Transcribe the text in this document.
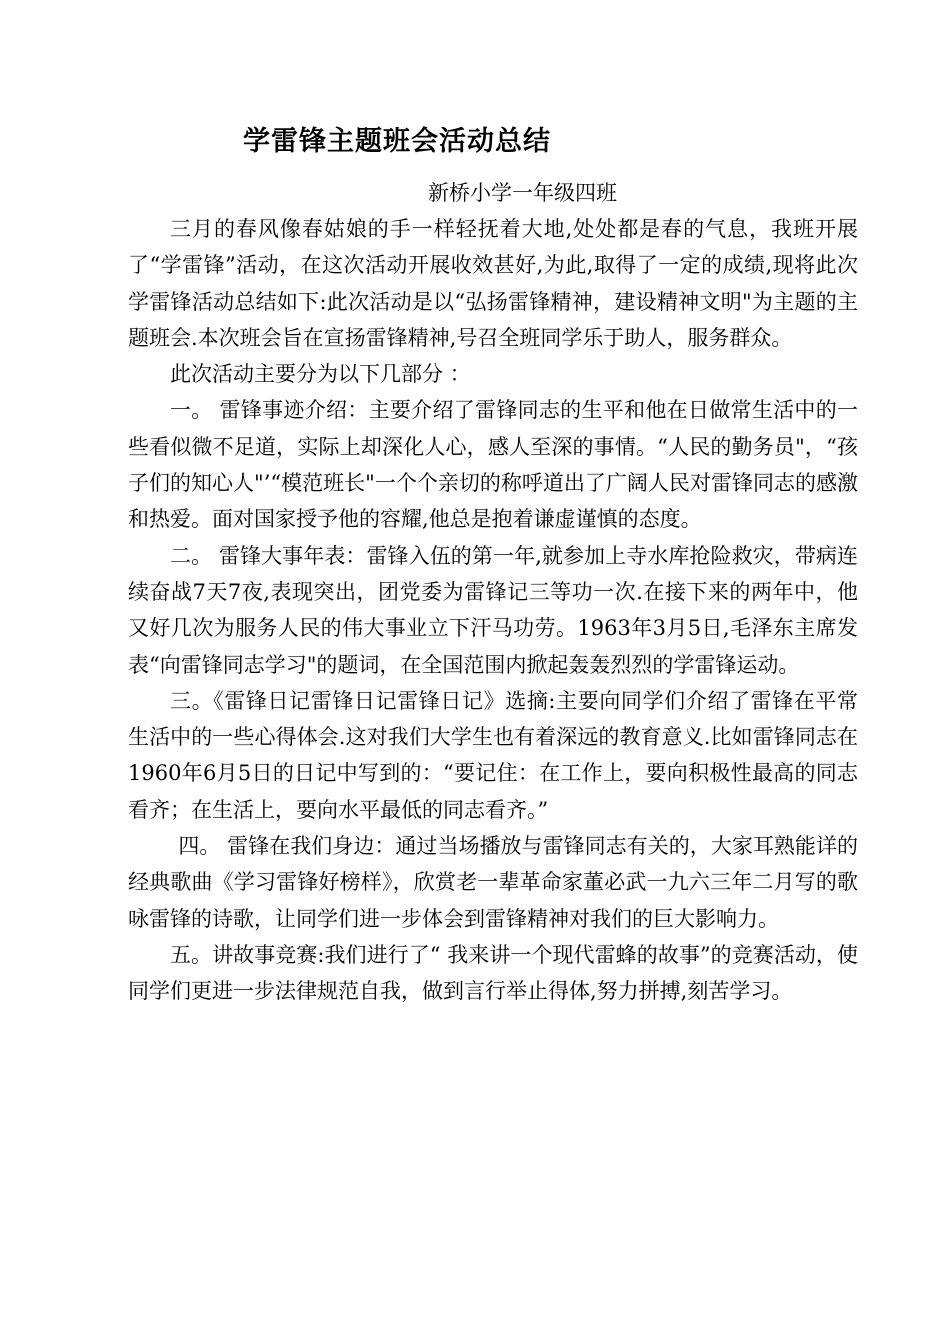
学雷锋主题班会活动总结
新桥小学一年级四班

三月的春风像春姑娘的手一样轻抚着大地,处处都是春的气息，我班开展了“学雷锋”活动，在这次活动开展收效甚好,为此,取得了一定的成绩,现将此次学雷锋活动总结如下:此次活动是以“弘扬雷锋精神，建设精神文明"为主题的主题班会.本次班会旨在宣扬雷锋精神,号召全班同学乐于助人，服务群众。

此次活动主要分为以下几部分 ：

一。 雷锋事迹介绍：主要介绍了雷锋同志的生平和他在日做常生活中的一些看似微不足道，实际上却深化人心，感人至深的事情。“人民的勤务员"，“孩子们的知心人"’“模范班长"一个个亲切的称呼道出了广阔人民对雷锋同志的感激和热爱。面对国家授予他的容耀,他总是抱着谦虚谨慎的态度。

二。 雷锋大事年表：雷锋入伍的第一年,就参加上寺水库抢险救灾，带病连续奋战7天7夜,表现突出，团党委为雷锋记三等功一次.在接下来的两年中，他又好几次为服务人民的伟大事业立下汗马功劳。1963年3月5日,毛泽东主席发表“向雷锋同志学习"的题词，在全国范围内掀起轰轰烈烈的学雷锋运动。

三。《雷锋日记雷锋日记雷锋日记》选摘:主要向同学们介绍了雷锋在平常生活中的一些心得体会.这对我们大学生也有着深远的教育意义.比如雷锋同志在1960年6月5日的日记中写到的：“要记住：在工作上，要向积极性最高的同志看齐；在生活上，要向水平最低的同志看齐。”

四。 雷锋在我们身边：通过当场播放与雷锋同志有关的，大家耳熟能详的经典歌曲《学习雷锋好榜样》，欣赏老一辈革命家董必武一九六三年二月写的歌咏雷锋的诗歌，让同学们进一步体会到雷锋精神对我们的巨大影响力。

五。讲故事竞赛:我们进行了“ 我来讲一个现代雷蜂的故事”的竞赛活动，使同学们更进一步法律规范自我，做到言行举止得体,努力拼搏,刻苦学习。
